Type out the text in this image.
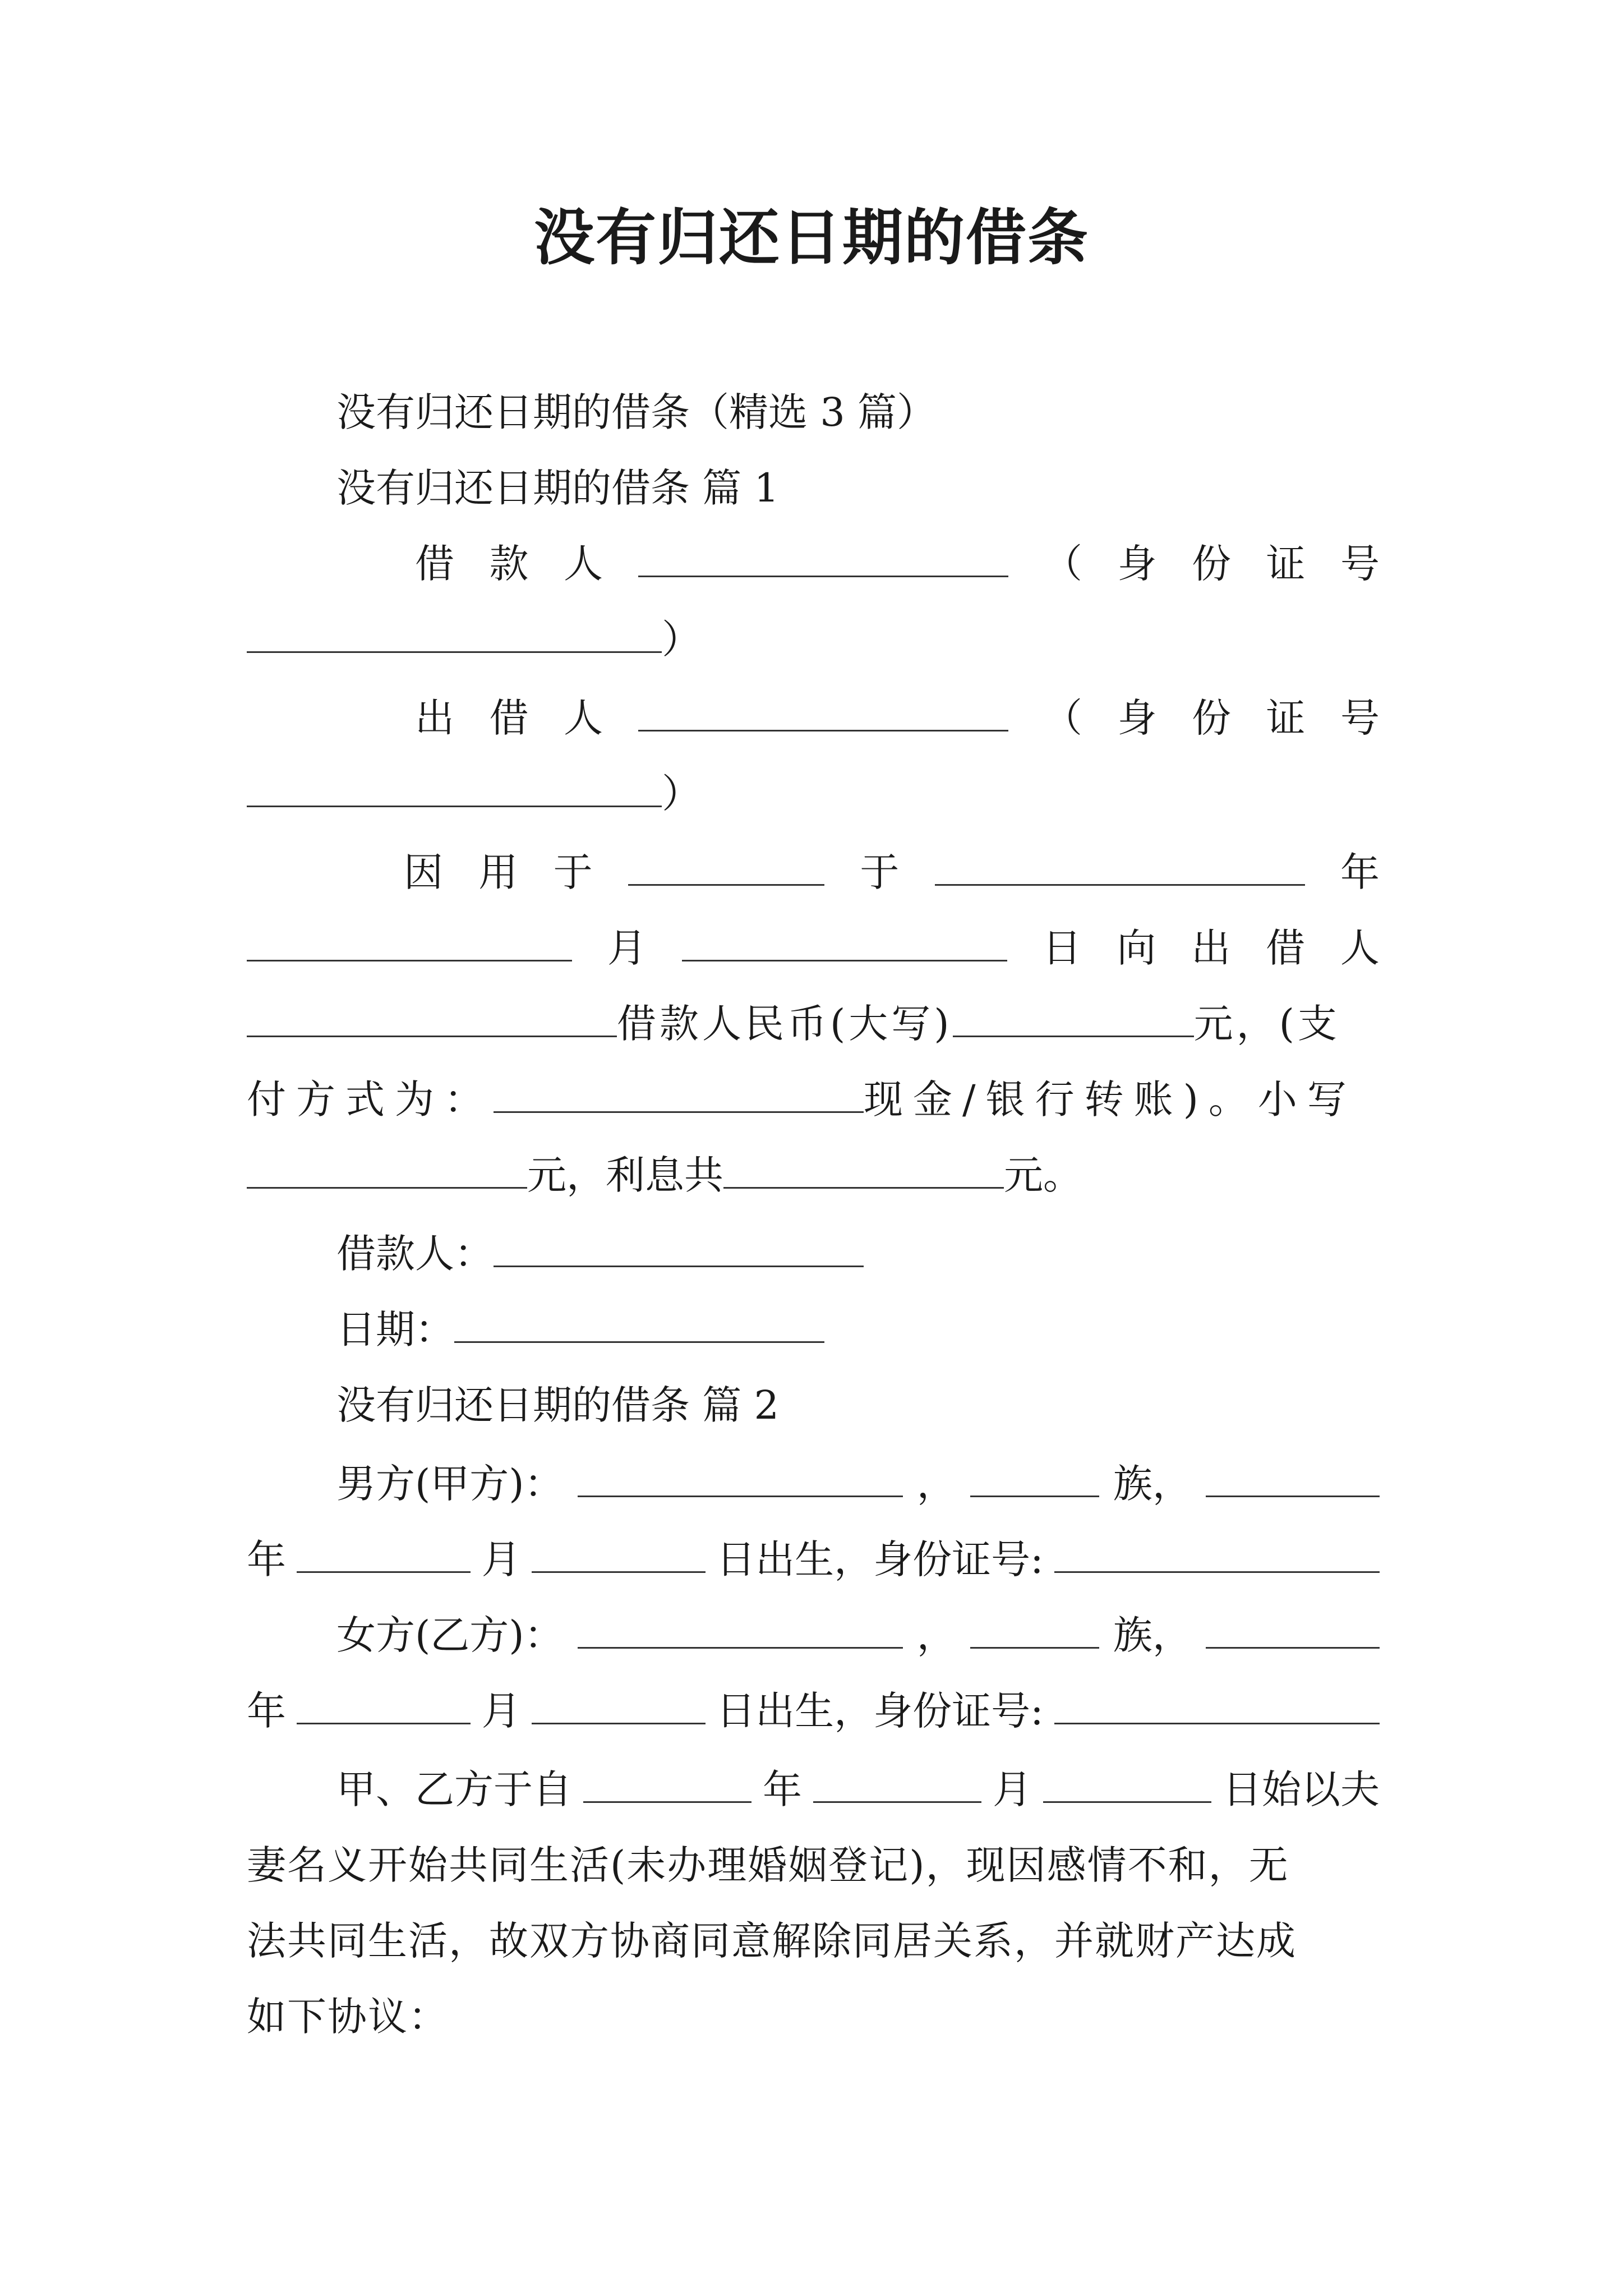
没有归还日期的借条
没有归还日期的借条（精选 3 篇）
没有归还日期的借条 篇 1
借 款 人	（ 身 份 证 号
）
出 借 人	（ 身 份 证 号
）
因 用 于	于	年
月	日 向 出 借 人
借款人民币(大写)	元，(支
付方式为：	现金/银行转账)。小写
元，利息共	元。
借款人：
日期：
没有归还日期的借条 篇 2
男方(甲方)：	，	族，
年	月	日出生，身份证号:
女方(乙方)：	，	族，
年	月	日出生，身份证号:
甲、乙方于自	年	月	日始以夫
妻名义开始共同生活(未办理婚姻登记)，现因感情不和，无
法共同生活，故双方协商同意解除同居关系，并就财产达成
如下协议：
